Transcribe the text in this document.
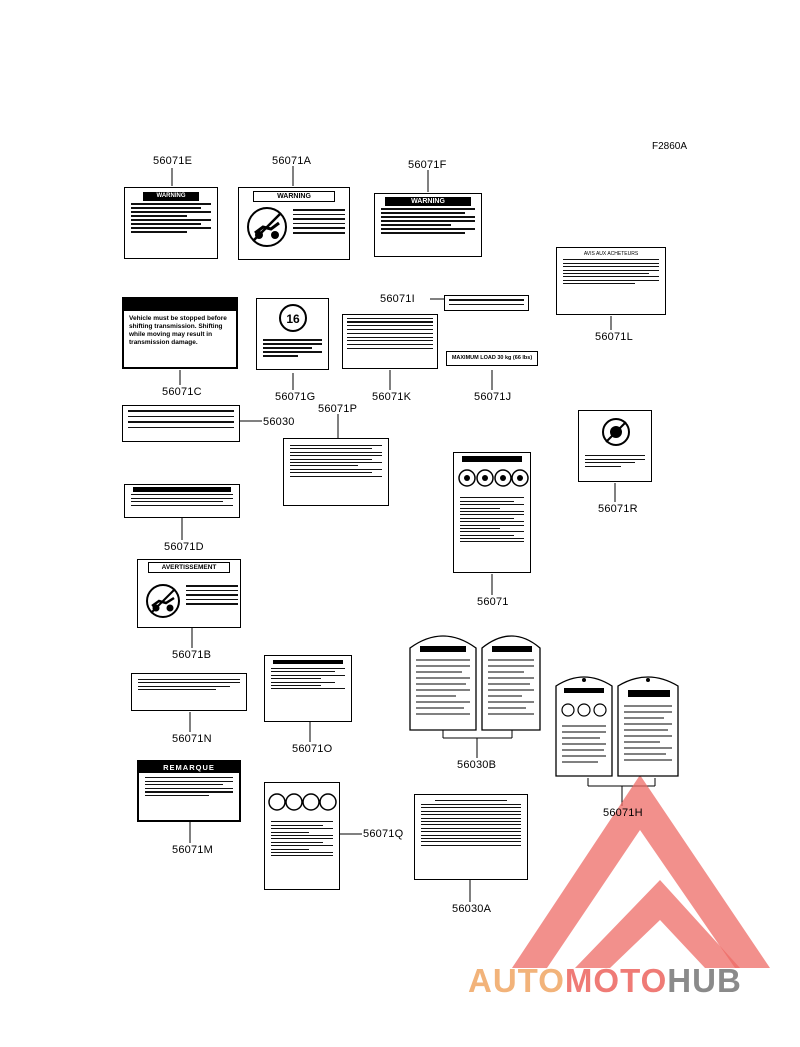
F2860A
56071E	56071A	56071F
56071L
56071C	56071G
56071I
56071K	56071J
56030
56071P
56071R
56071D
56071
56071B
56071N
56071O
56030B
56071H
56071M
56071Q
56030A
WARNING	WARNING
WARNING
AVIS AUX ACHETEURS
Vehicle must be stopped before shifting transmission. Shifting while moving may result in transmission damage.
16
MAXIMUM LOAD 30 kg (66 lbs)
AVERTISSEMENT
REMARQUE
AUTOMOTOHUB
